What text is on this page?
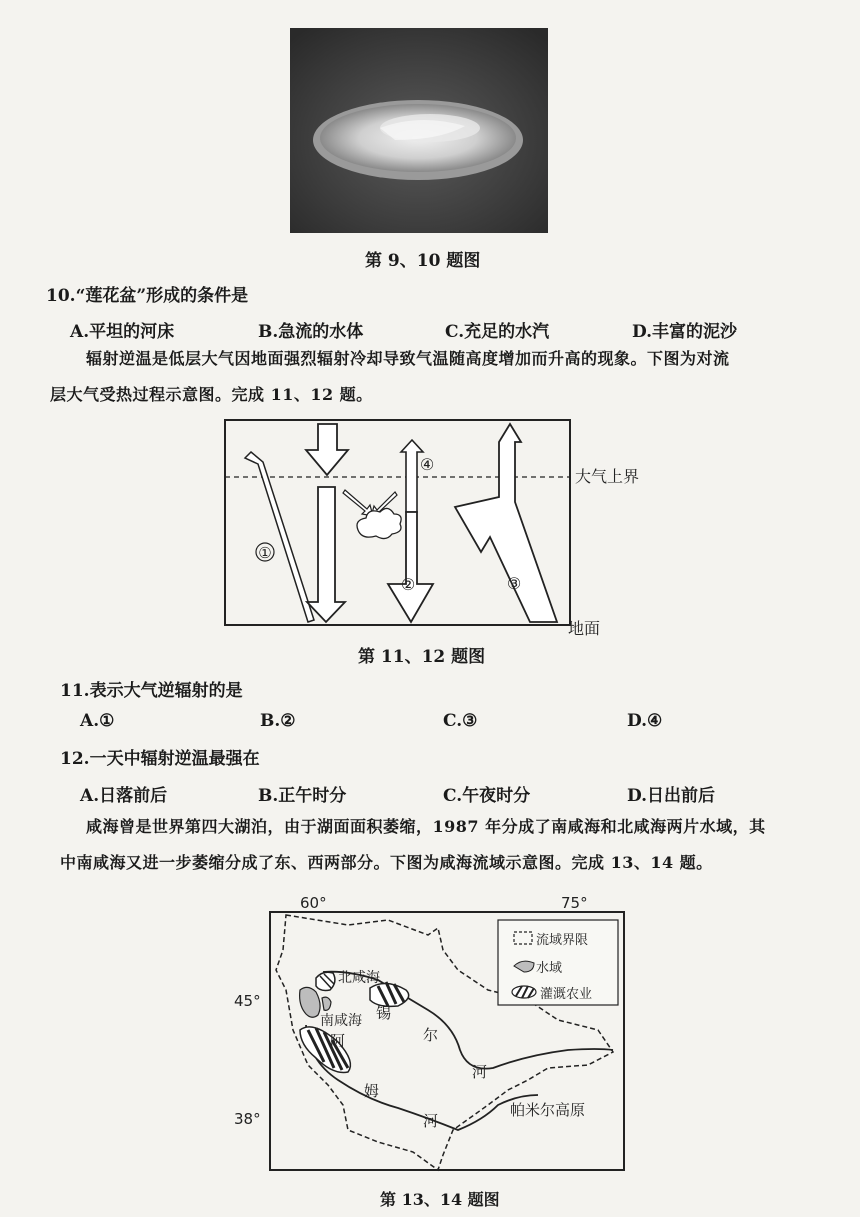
第 9、10 题图
10.“莲花盆”形成的条件是
A.平坦的河床	B.急流的水体	C.充足的水汽	D.丰富的泥沙
辐射逆温是低层大气因地面强烈辐射冷却导致气温随高度增加而升高的现象。下图为对流
层大气受热过程示意图。完成 11、12 题。
①
②	③
④
大气上界
地面
第 11、12 题图
11.表示大气逆辐射的是
A.①	B.②	C.③	D.④
12.一天中辐射逆温最强在
A.日落前后	B.正午时分	C.午夜时分	D.日出前后
咸海曾是世界第四大湖泊，由于湖面面积萎缩，1987 年分成了南咸海和北咸海两片水域，其
中南咸海又进一步萎缩分成了东、西两部分。下图为咸海流域示意图。完成 13、14 题。
60°	75°
45°
38°
北咸海
南咸海 锡
尔
河
阿
姆
河
帕米尔高原
流域界限
水域
灌溉农业
第 13、14 题图
